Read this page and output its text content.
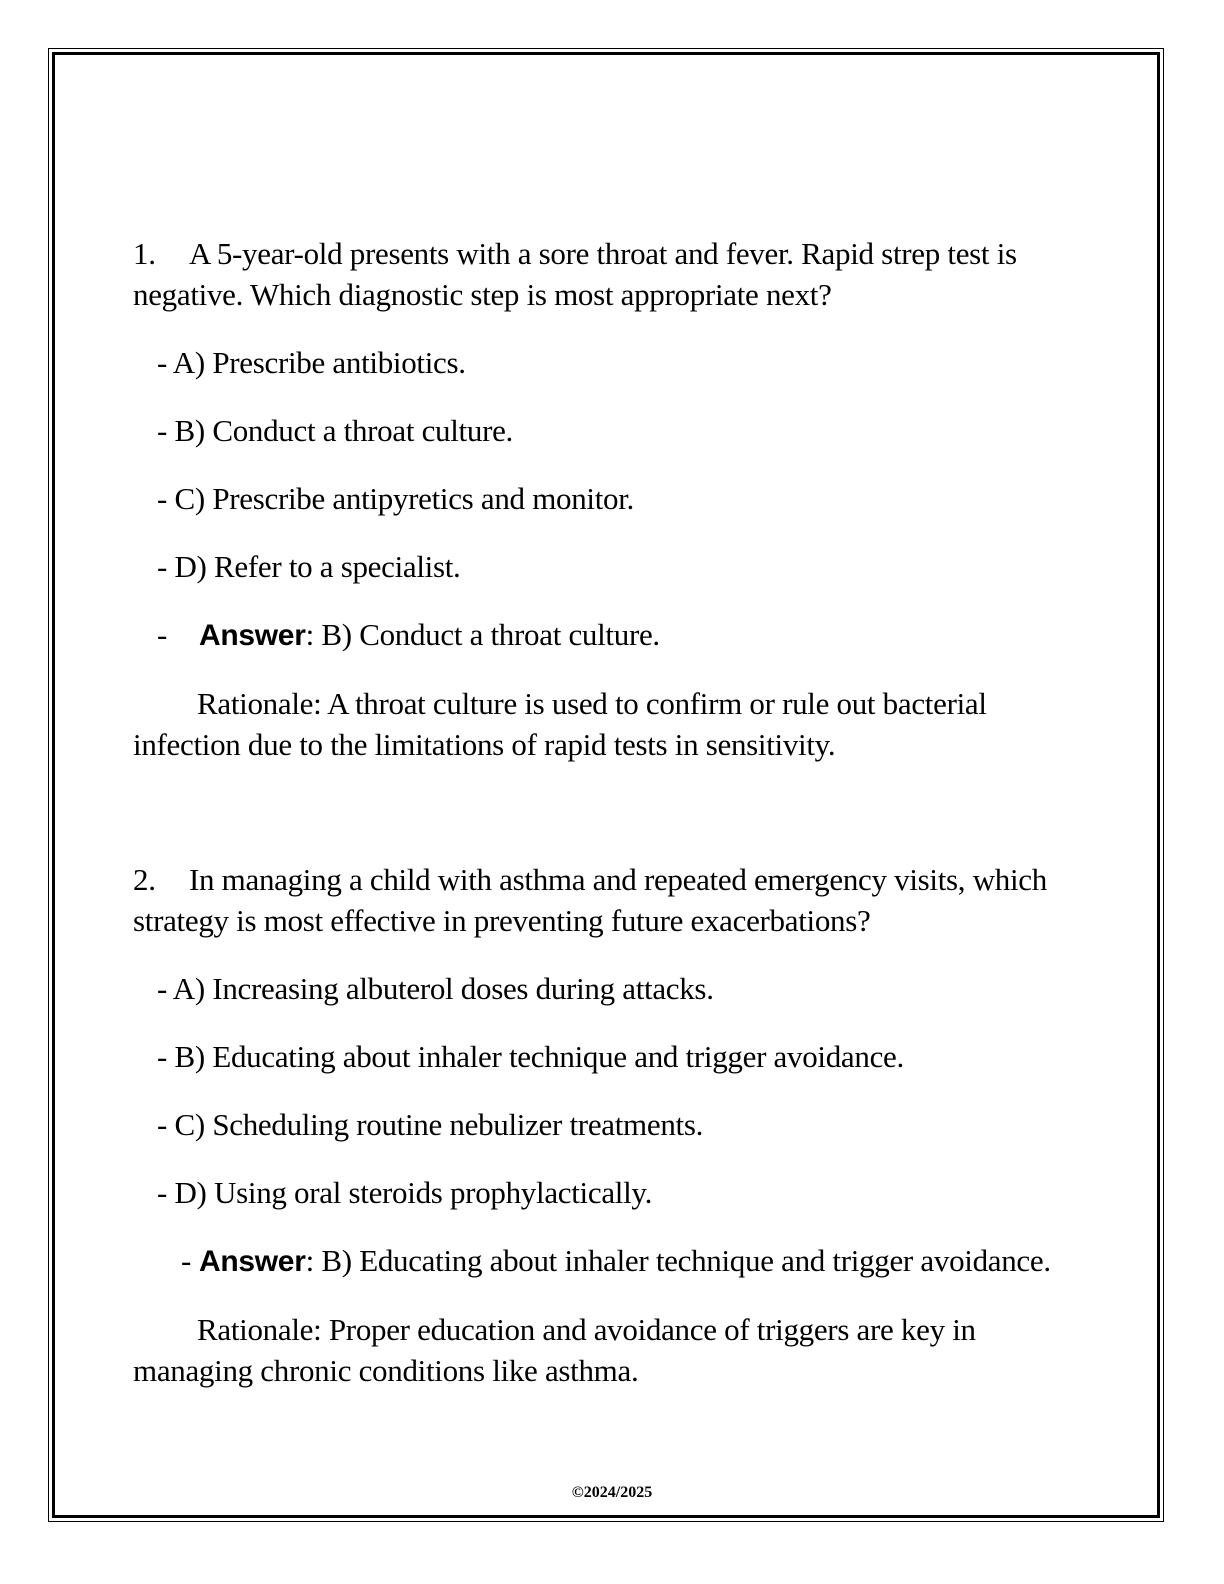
1. A 5-year-old presents with a sore throat and fever. Rapid strep test is negative. Which diagnostic step is most appropriate next?

- A) Prescribe antibiotics.

- B) Conduct a throat culture.

- C) Prescribe antipyretics and monitor.

- D) Refer to a specialist.

- Answer: B) Conduct a throat culture.

Rationale: A throat culture is used to confirm or rule out bacterial infection due to the limitations of rapid tests in sensitivity.

2. In managing a child with asthma and repeated emergency visits, which strategy is most effective in preventing future exacerbations?

- A) Increasing albuterol doses during attacks.

- B) Educating about inhaler technique and trigger avoidance.

- C) Scheduling routine nebulizer treatments.

- D) Using oral steroids prophylactically.

- Answer: B) Educating about inhaler technique and trigger avoidance.

Rationale: Proper education and avoidance of triggers are key in managing chronic conditions like asthma.

©2024/2025
